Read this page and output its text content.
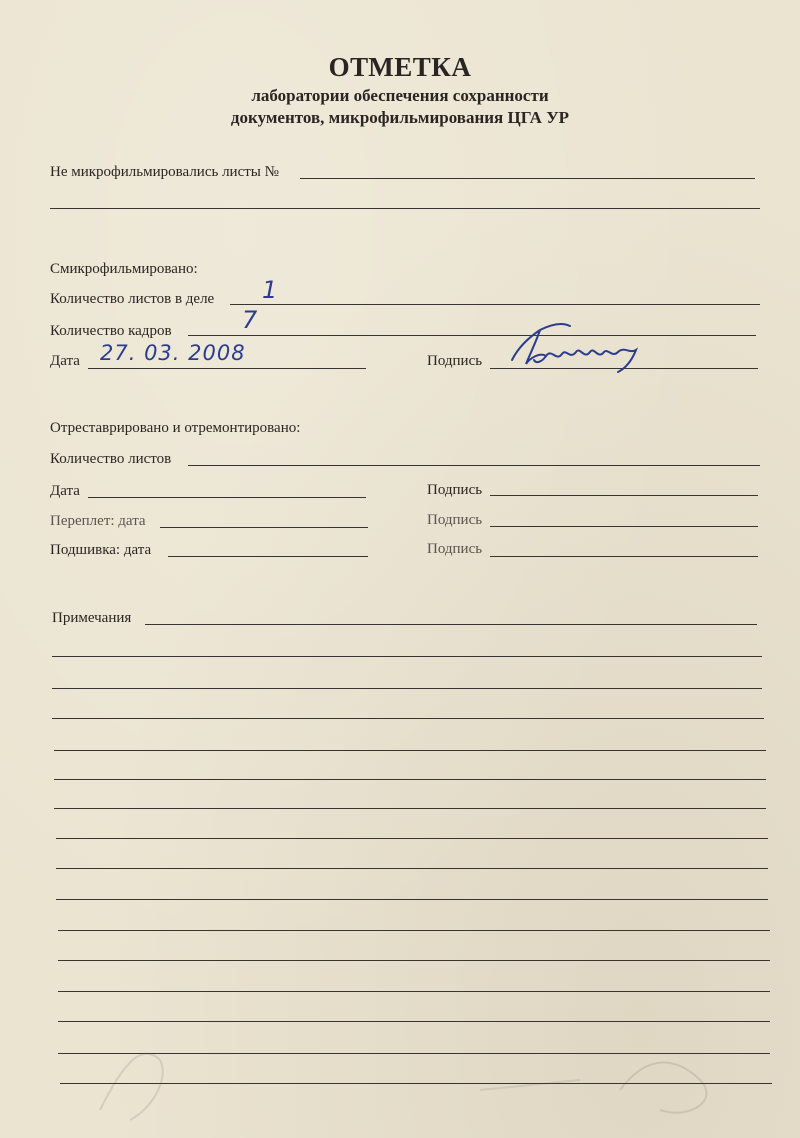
ОТМЕТКА
лаборатории обеспечения сохранности
документов, микрофильмирования ЦГА УР
Не микрофильмировались листы №
Смикрофильмировано:
Количество листов в деле 1
Количество кадров	7
Дата 27. 03. 2008	Подпись
Отреставрировано и отремонтировано:
Количество листов
Дата	Подпись
Переплет: дата	Подпись
Подшивка: дата	Подпись
Примечания
